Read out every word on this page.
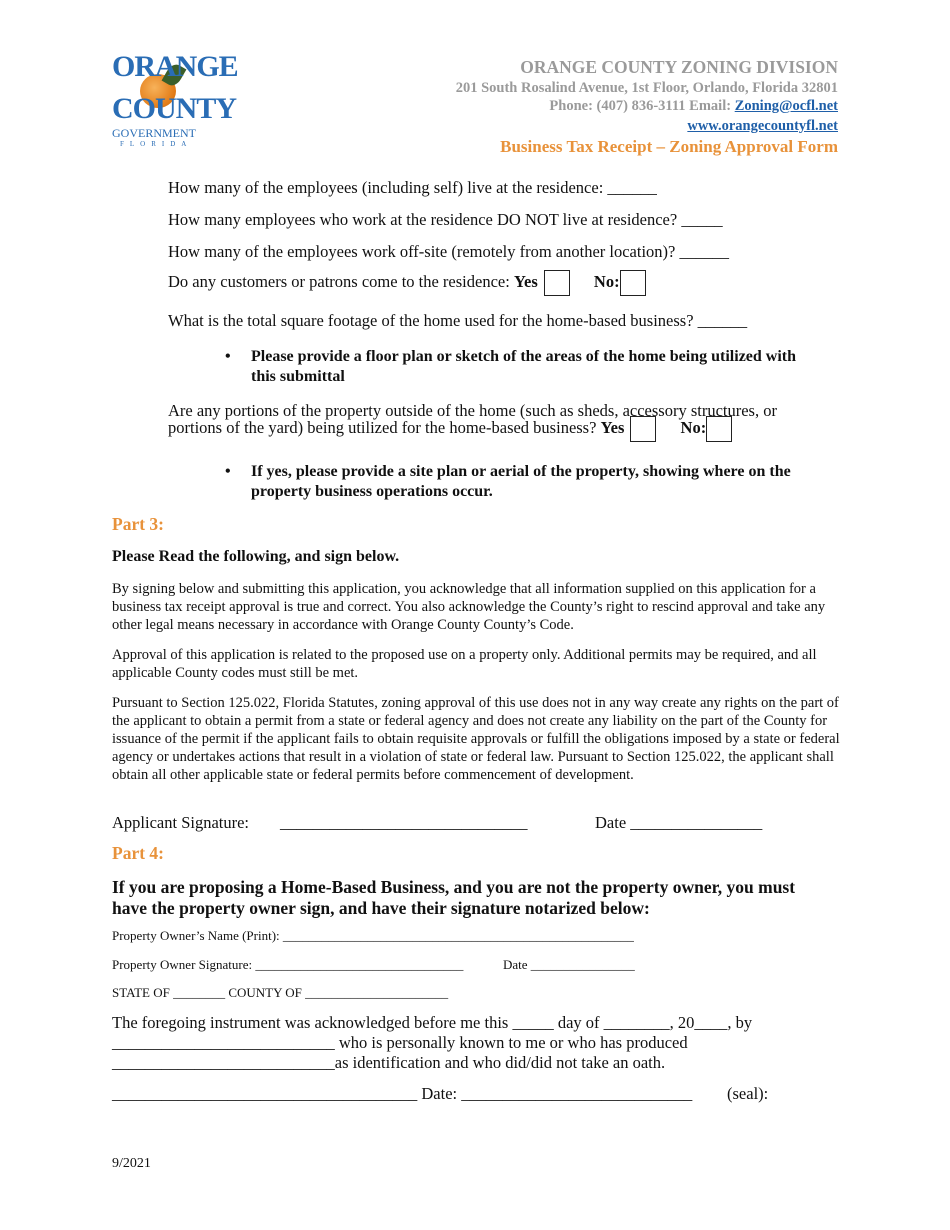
ORANGE
COUNTY
GOVERNMENT
FLORIDA
ORANGE COUNTY ZONING DIVISION
201 South Rosalind Avenue, 1st Floor, Orlando, Florida 32801
Phone: (407) 836-3111 Email: Zoning@ocfl.net
www.orangecountyfl.net
Business Tax Receipt – Zoning Approval Form
How many of the employees (including self) live at the residence: ______
How many employees who work at the residence DO NOT live at residence? _____
How many of the employees work off-site (remotely from another location)? ______
Do any customers or patrons come to the residence: Yes	No:
What is the total square footage of the home used for the home-based business? ______
• Please provide a floor plan or sketch of the areas of the home being utilized with
this submittal
Are any portions of the property outside of the home (such as sheds, accessory structures, or
portions of the yard) being utilized for the home-based business? Yes	No:
• If yes, please provide a site plan or aerial of the property, showing where on the
property business operations occur.
Part 3:
Please Read the following, and sign below.
By signing below and submitting this application, you acknowledge that all information supplied on this application for a business tax receipt approval is true and correct. You also acknowledge the County’s right to rescind approval and take any other legal means necessary in accordance with Orange County County’s Code.
Approval of this application is related to the proposed use on a property only. Additional permits may be required, and all applicable County codes must still be met.
Pursuant to Section 125.022, Florida Statutes, zoning approval of this use does not in any way create any rights on the part of the applicant to obtain a permit from a state or federal agency and does not create any liability on the part of the County for issuance of the permit if the applicant fails to obtain requisite approvals or fulfill the obligations imposed by a state or federal agency or undertakes actions that result in a violation of state or federal law. Pursuant to Section 125.022, the applicant shall obtain all other applicable state or federal permits before commencement of development.
Applicant Signature: ______________________________	Date ________________
Part 4:
If you are proposing a Home-Based Business, and you are not the property owner, you must
have the property owner sign, and have their signature notarized below:
Property Owner’s Name (Print): ______________________________________________________
Property Owner Signature: ________________________________	Date ________________
STATE OF ________ COUNTY OF ______________________
The foregoing instrument was acknowledged before me this _____ day of ________, 20____, by
___________________________ who is personally known to me or who has produced
___________________________as identification and who did/did not take an oath.
_____________________________________ Date: ____________________________ (seal):
9/2021
